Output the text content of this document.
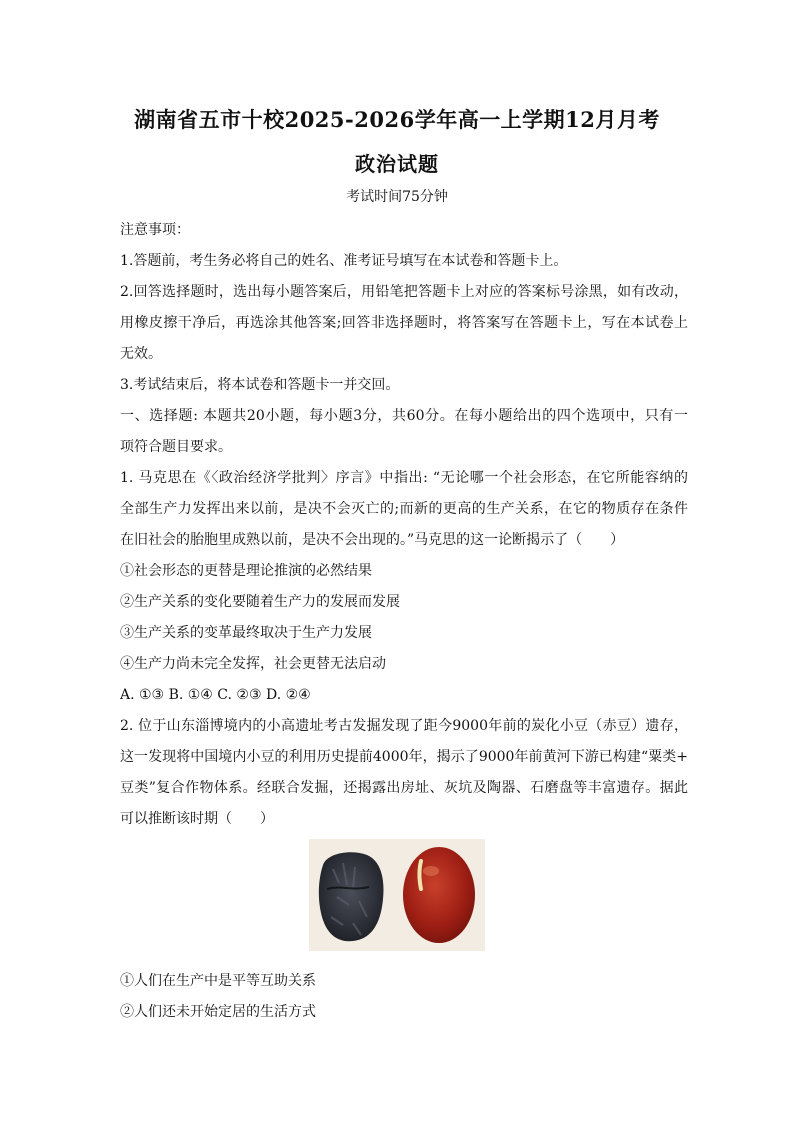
湖南省五市十校2025-2026学年高一上学期12月月考
政治试题
考试时间75分钟
注意事项：
1.答题前，考生务必将自己的姓名、准考证号填写在本试卷和答题卡上。
2.回答选择题时，选出每小题答案后，用铅笔把答题卡上对应的答案标号涂黑，如有改动，
用橡皮擦干净后，再选涂其他答案;回答非选择题时，将答案写在答题卡上，写在本试卷上
无效。
3.考试结束后，将本试卷和答题卡一并交回。
一、选择题: 本题共20小题，每小题3分，共60分。在每小题给出的四个选项中，只有一
项符合题目要求。
1. 马克思在《〈政治经济学批判〉序言》中指出: “无论哪一个社会形态，在它所能容纳的
全部生产力发挥出来以前，是决不会灭亡的;而新的更高的生产关系，在它的物质存在条件
在旧社会的胎胞里成熟以前，是决不会出现的。”马克思的这一论断揭示了（　　）
①社会形态的更替是理论推演的必然结果
②生产关系的变化要随着生产力的发展而发展
③生产关系的变革最终取决于生产力发展
④生产力尚未完全发挥，社会更替无法启动
A. ①③ B. ①④ C. ②③ D. ②④
2. 位于山东淄博境内的小高遗址考古发掘发现了距今9000年前的炭化小豆（赤豆）遗存，
这一发现将中国境内小豆的利用历史提前4000年，揭示了9000年前黄河下游已构建“粟类+
豆类”复合作物体系。经联合发掘，还揭露出房址、灰坑及陶器、石磨盘等丰富遗存。据此
可以推断该时期（　　）
①人们在生产中是平等互助关系
②人们还未开始定居的生活方式
